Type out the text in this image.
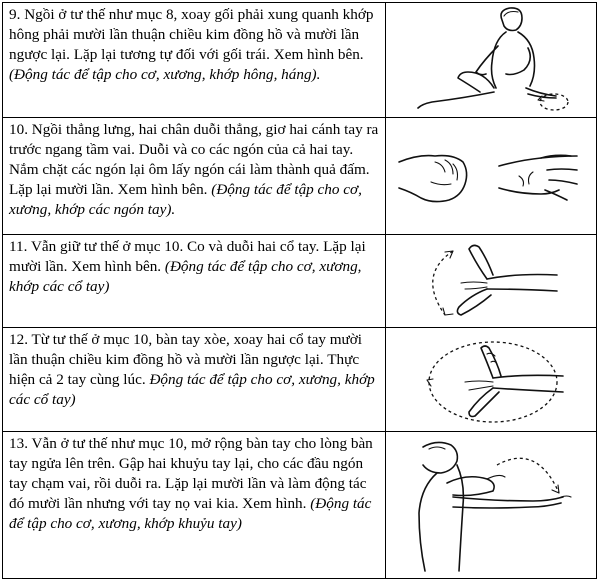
9. Ngồi ở tư thế như mục 8, xoay gối phải xung quanh khớp hông phải mười lần thuận chiều kim đồng hồ và mười lần ngược lại. Lặp lại tương tự đối với gối trái. Xem hình bên. (Động tác để tập cho cơ, xương, khớp hông, háng).	

10. Ngồi thẳng lưng, hai chân duỗi thẳng, giơ hai cánh tay ra trước ngang tầm vai. Duỗi và co các ngón của cả hai tay. Nắm chặt các ngón lại ôm lấy ngón cái làm thành quả đấm. Lặp lại mười lần. Xem hình bên. (Động tác để tập cho cơ, xương, khớp các ngón tay).	

11. Vẫn giữ tư thế ở mục 10. Co và duỗi hai cổ tay. Lặp lại mười lần. Xem hình bên. (Động tác để tập cho cơ, xương, khớp các cổ tay)	

12. Từ tư thế ở mục 10, bàn tay xòe, xoay hai cổ tay mười lần thuận chiều kim đồng hồ và mười lần ngược lại. Thực hiện cả 2 tay cùng lúc. Động tác để tập cho cơ, xương, khớp các cổ tay)	

13. Vẫn ở tư thế như mục 10, mở rộng bàn tay cho lòng bàn tay ngửa lên trên. Gập hai khuỷu tay lại, cho các đầu ngón tay chạm vai, rồi duỗi ra. Lặp lại mười lần và làm động tác đó mười lần nhưng với tay nọ vai kia. Xem hình. (Động tác để tập cho cơ, xương, khớp khuỷu tay)	
